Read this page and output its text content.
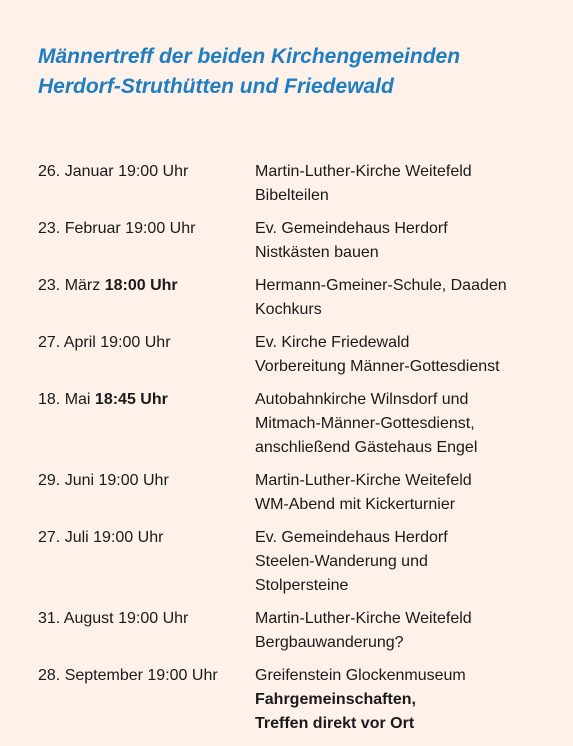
Männertreff der beiden Kirchengemeinden
Herdorf-Struthütten und Friedewald
26. Januar 19:00 Uhr	Martin-Luther-Kirche Weitefeld
Bibelteilen
23. Februar 19:00 Uhr	Ev. Gemeindehaus Herdorf
Nistkästen bauen
23. März 18:00 Uhr	Hermann-Gmeiner-Schule, Daaden
Kochkurs
27. April 19:00 Uhr	Ev. Kirche Friedewald
Vorbereitung Männer-Gottesdienst
18. Mai 18:45 Uhr	Autobahnkirche Wilnsdorf und
Mitmach-Männer-Gottesdienst,
anschließend Gästehaus Engel
29. Juni 19:00 Uhr	Martin-Luther-Kirche Weitefeld
WM-Abend mit Kickerturnier
27. Juli 19:00 Uhr	Ev. Gemeindehaus Herdorf
Steelen-Wanderung und
Stolpersteine
31. August 19:00 Uhr	Martin-Luther-Kirche Weitefeld
Bergbauwanderung?
28. September 19:00 Uhr	Greifenstein Glockenmuseum
Fahrgemeinschaften,
Treffen direkt vor Ort
